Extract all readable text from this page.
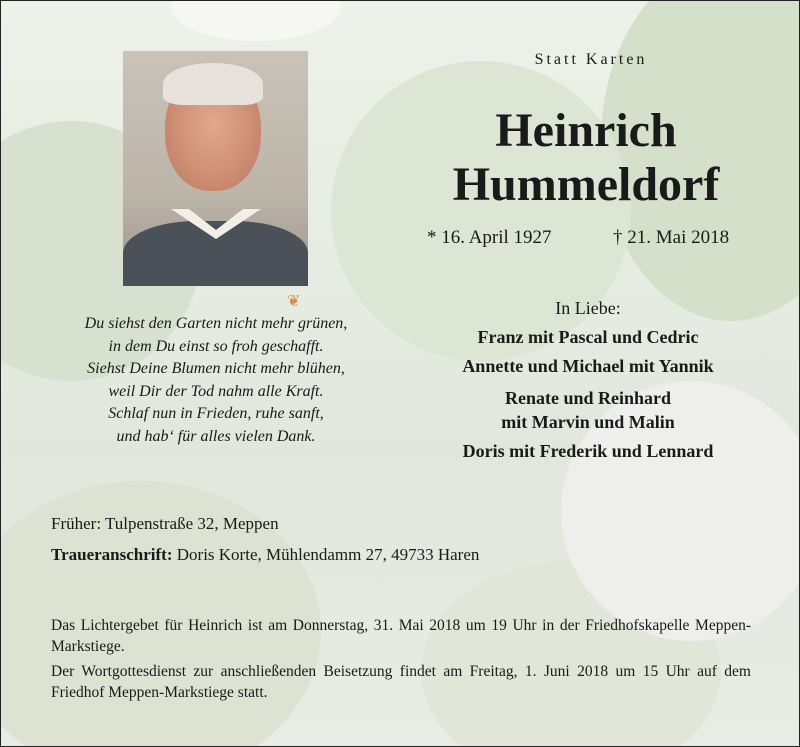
Statt Karten
Heinrich
Hummeldorf
* 16. April 1927	† 21. Mai 2018
❦
Du siehst den Garten nicht mehr grünen,
in dem Du einst so froh geschafft.
Siehst Deine Blumen nicht mehr blühen,
weil Dir der Tod nahm alle Kraft.
Schlaf nun in Frieden, ruhe sanft,
und hab‘ für alles vielen Dank.
In Liebe:
Franz mit Pascal und Cedric
Annette und Michael mit Yannik
Renate und Reinhard
mit Marvin und Malin
Doris mit Frederik und Lennard
Früher: Tulpenstraße 32, Meppen
Traueranschrift: Doris Korte, Mühlendamm 27, 49733 Haren
Das Lichtergebet für Heinrich ist am Donnerstag, 31. Mai 2018 um 19 Uhr in der Friedhofskapelle Meppen-Markstiege.
Der Wortgottesdienst zur anschließenden Beisetzung findet am Freitag, 1. Juni 2018 um 15 Uhr auf dem Friedhof Meppen-Markstiege statt.
